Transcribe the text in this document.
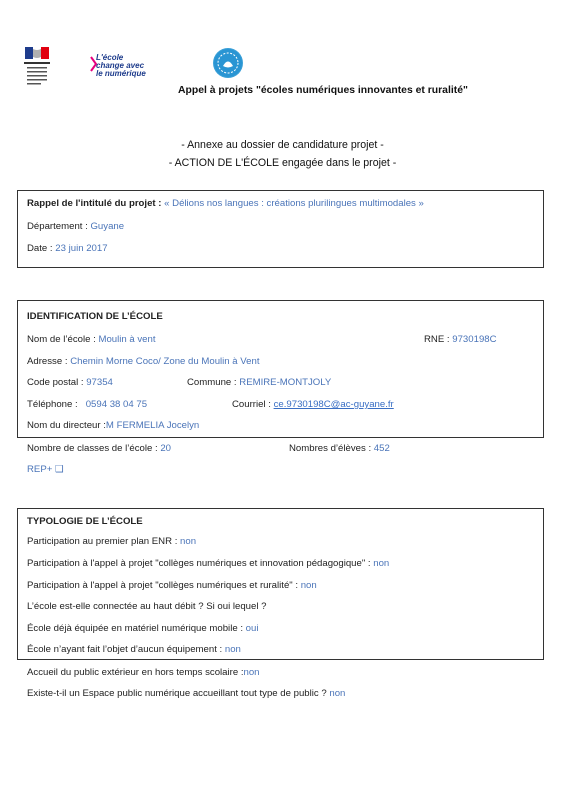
L'école
change avec
le numérique
Appel à projets "écoles numériques innovantes et ruralité"
- Annexe au dossier de candidature projet -
- ACTION DE L'ÉCOLE engagée dans le projet -
Rappel de l'intitulé du projet : « Délions nos langues : créations plurilingues multimodales »
Département : Guyane
Date : 23 juin 2017
IDENTIFICATION DE L’ÉCOLE
Nom de l’école : Moulin à vent	RNE : 9730198C
Adresse : Chemin Morne Coco/ Zone du Moulin à Vent
Code postal : 97354	Commune : REMIRE-MONTJOLY
Téléphone :   0594 38 04 75	Courriel : ce.9730198C@ac-guyane.fr
Nom du directeur :M FERMELIA Jocelyn
Nombre de classes de l’école : 20	Nombres d’élèves : 452
REP+ ❑
TYPOLOGIE DE L’ÉCOLE
Participation au premier plan ENR : non
Participation à l'appel à projet "collèges numériques et innovation pédagogique" : non
Participation à l'appel à projet "collèges numériques et ruralité" : non
L’école est-elle connectée au haut débit ? Si oui lequel ?
École déjà équipée en matériel numérique mobile : oui
École n’ayant fait l’objet d’aucun équipement : non
Accueil du public extérieur en hors temps scolaire :non
Existe-t-il un Espace public numérique accueillant tout type de public ? non
